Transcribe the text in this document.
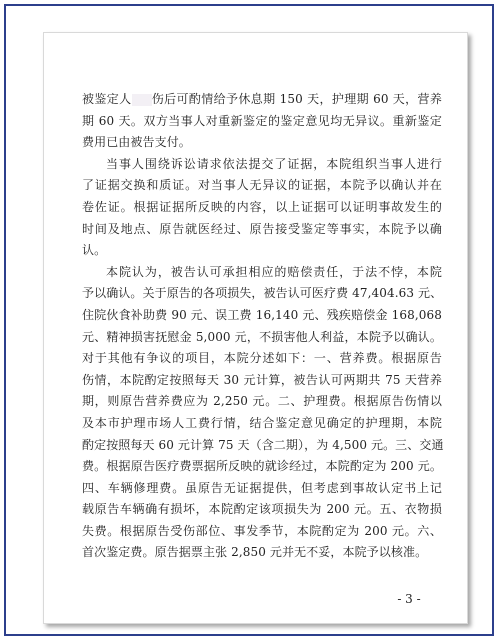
被鉴定人 伤后可酌情给予休息期 150 天，护理期 60 天，营养
期 60 天。双方当事人对重新鉴定的鉴定意见均无异议。重新鉴定
费用已由被告支付。
当事人围绕诉讼请求依法提交了证据，本院组织当事人进行
了证据交换和质证。对当事人无异议的证据，本院予以确认并在
卷佐证。根据证据所反映的内容，以上证据可以证明事故发生的
时间及地点、原告就医经过、原告接受鉴定等事实，本院予以确
认。
本院认为，被告认可承担相应的赔偿责任，于法不悖，本院
予以确认。关于原告的各项损失，被告认可医疗费 47,404.63 元、
住院伙食补助费 90 元、误工费 16,140 元、残疾赔偿金 168,068
元、精神损害抚慰金 5,000 元，不损害他人利益，本院予以确认。
对于其他有争议的项目，本院分述如下：一、营养费。根据原告
伤情，本院酌定按照每天 30 元计算，被告认可两期共 75 天营养
期，则原告营养费应为 2,250 元。二、护理费。根据原告伤情以
及本市护理市场人工费行情，结合鉴定意见确定的护理期，本院
酌定按照每天 60 元计算 75 天（含二期），为 4,500 元。三、交通
费。根据原告医疗费票据所反映的就诊经过，本院酌定为 200 元。
四、车辆修理费。虽原告无证据提供，但考虑到事故认定书上记
载原告车辆确有损坏，本院酌定该项损失为 200 元。五、衣物损
失费。根据原告受伤部位、事发季节，本院酌定为 200 元。六、
首次鉴定费。原告据票主张 2,850 元并无不妥，本院予以核准。
- 3 -
